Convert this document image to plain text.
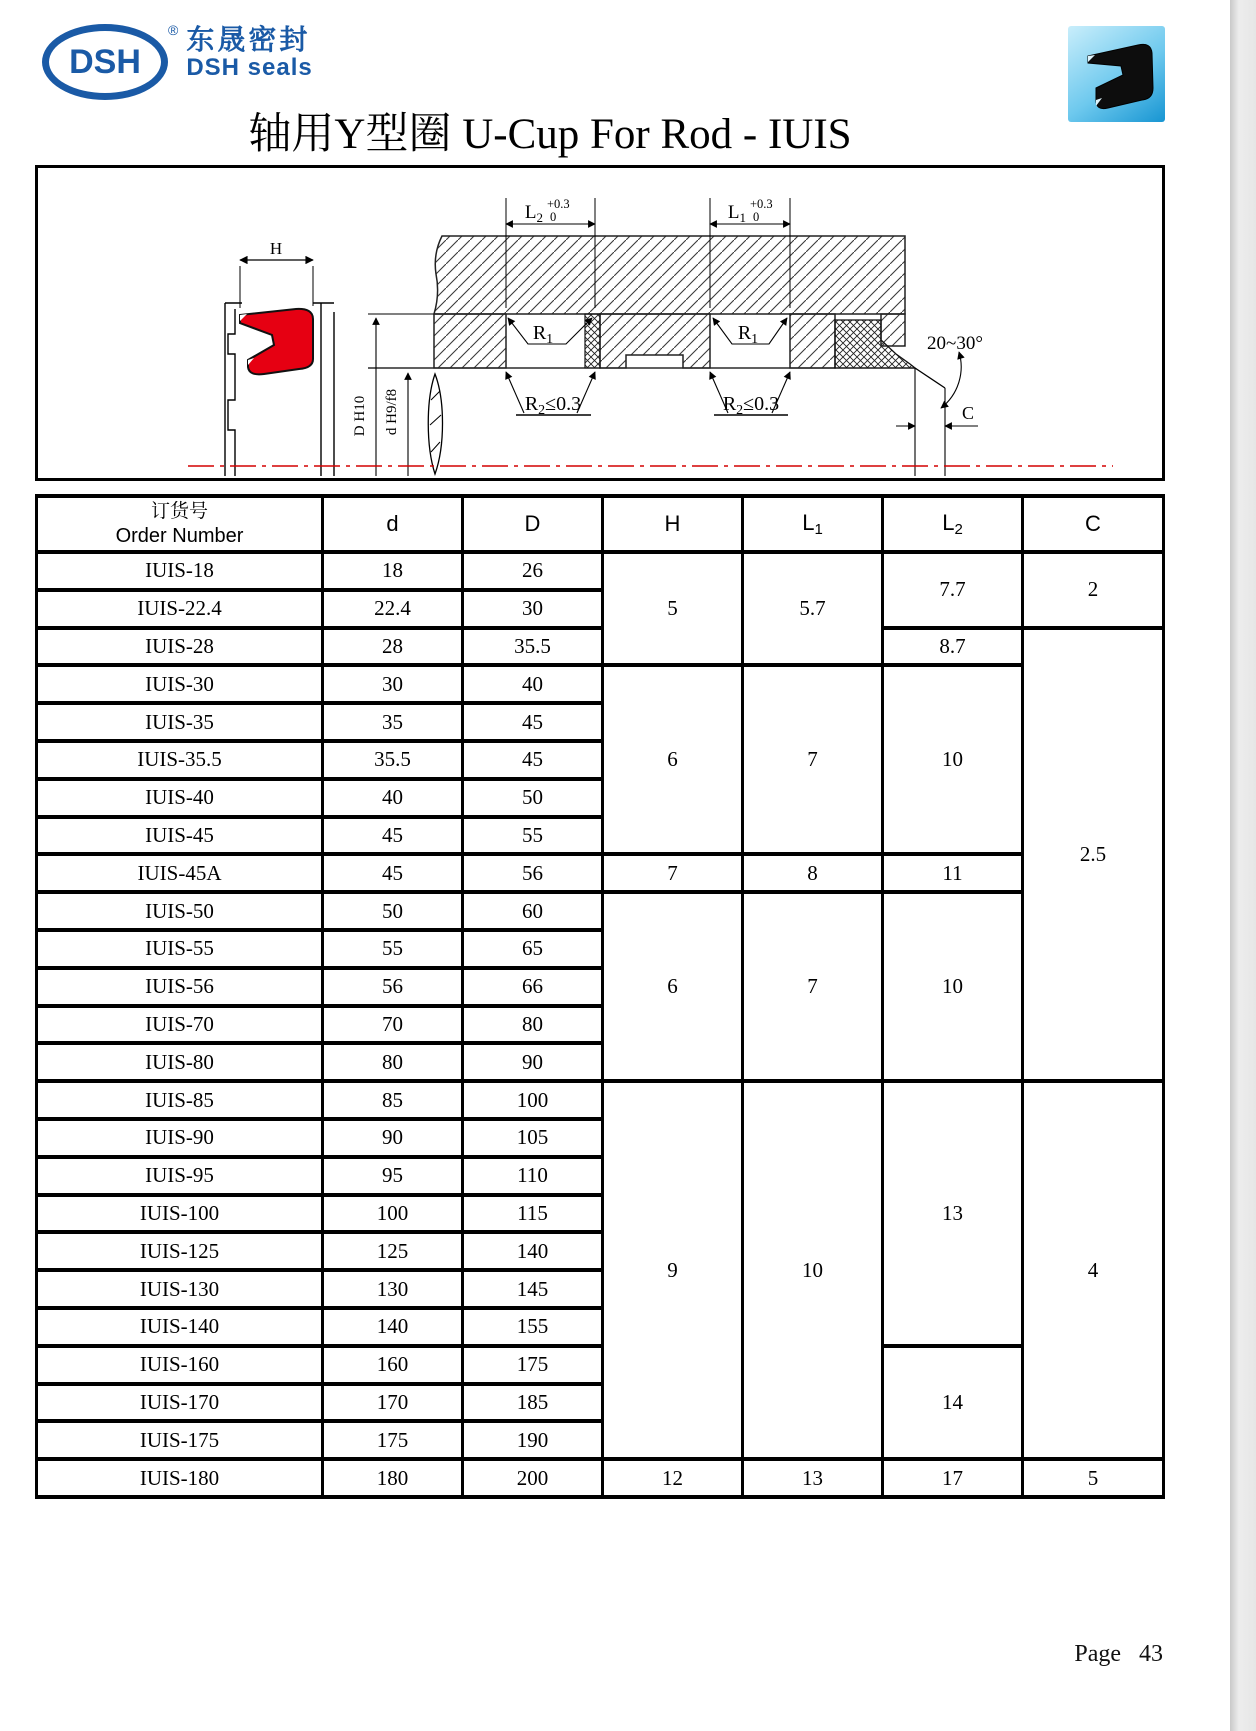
DSH
® 东晟密封
DSH seals
轴用Y型圈 U-Cup For Rod - IUIS
H
D H10 d H9/f8
$L_2$
+0.3
0	$L_1$
+0.3
0
$R_1$	$R_1$
$R_2\le 0.3$	$R_2\le 0.3$
20~30°
C
订货号
Order Number	d	D	H	$L_1$	$L_2$	C
IUIS-18	18	26	5	5.7	7.7	2
IUIS-22.4	22.4	30				
IUIS-28	28	35.5			8.7	2.5
IUIS-30	30	40	6	7	10	
IUIS-35	35	45				
IUIS-35.5	35.5	45				
IUIS-40	40	50				
IUIS-45	45	55				
IUIS-45A	45	56	7	8	11	
IUIS-50	50	60	6	7	10	
IUIS-55	55	65				
IUIS-56	56	66				
IUIS-70	70	80				
IUIS-80	80	90				
IUIS-85	85	100	9	10	13	4
IUIS-90	90	105				
IUIS-95	95	110				
IUIS-100	100	115				
IUIS-125	125	140				
IUIS-130	130	145				
IUIS-140	140	155				
IUIS-160	160	175			14	
IUIS-170	170	185				
IUIS-175	175	190				
IUIS-180	180	200	12	13	17	5
Page 43
